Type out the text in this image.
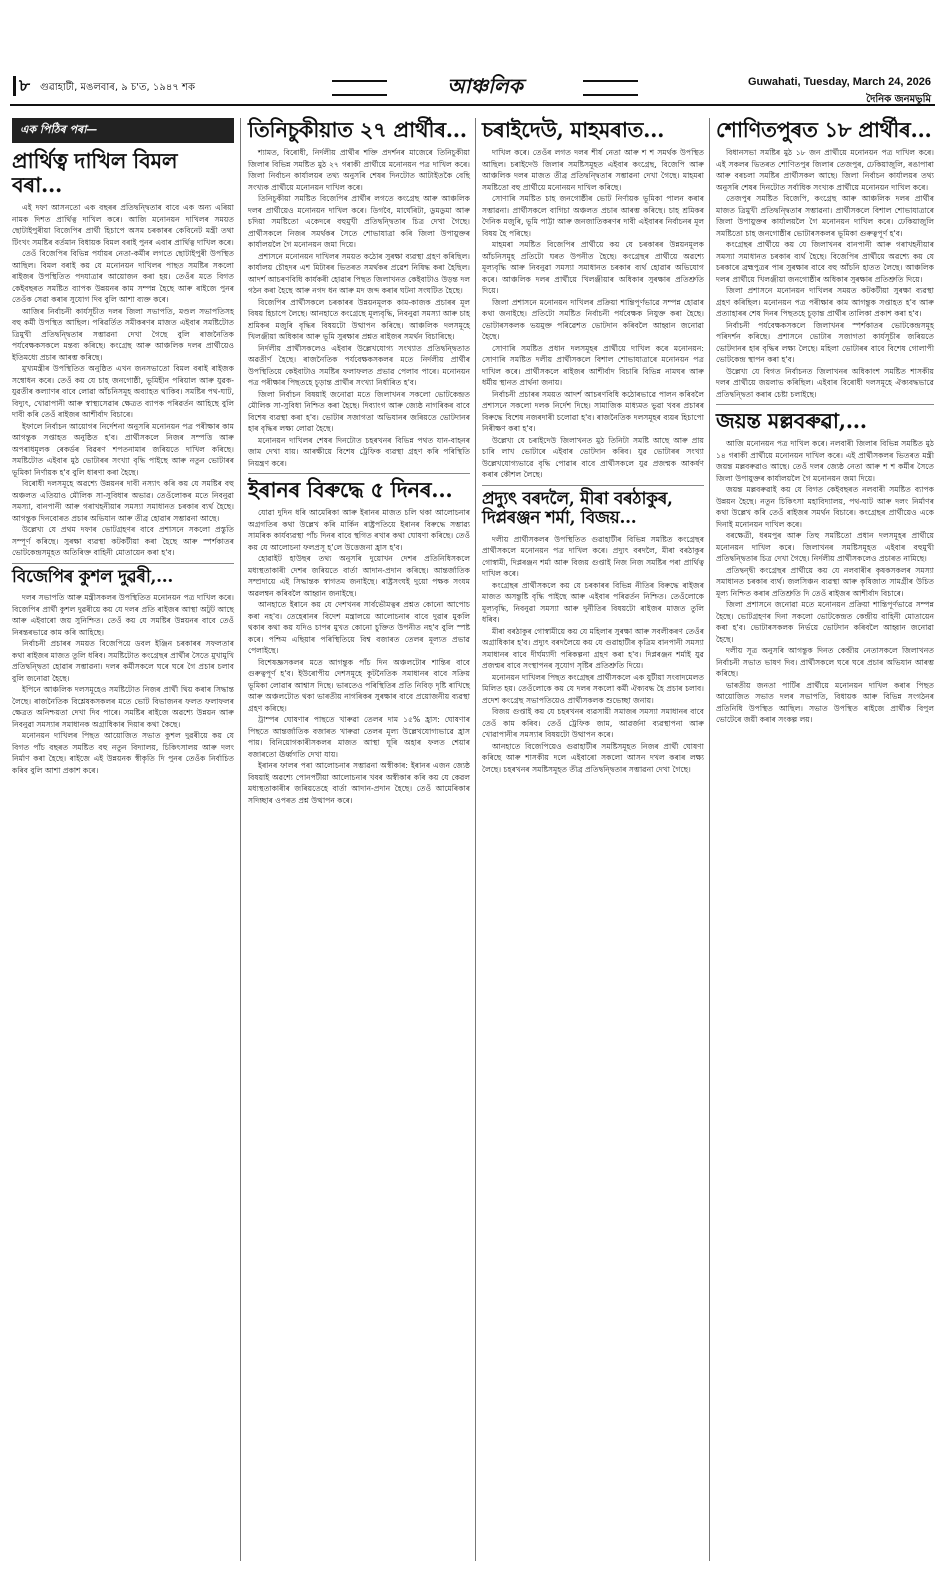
৮ গুৱাহাটী, মঙলবাৰ, ৯ চ'ত, ১৯৪৭ শক	আঞ্চলিক	Guwahati, Tuesday, March 24, 2026
দৈনিক জনমভূমি
এক পিঠিৰ পৰা—
প্ৰাৰ্থিত্ব দাখিল বিমল বৰা...

এই দফা আসনতো এক বছৰৰ প্ৰতিদ্বন্দ্বিতাৰ বাবে এক অন্য এৰিয়া নামক দিশত প্ৰাৰ্থিত্ব দাখিল কৰে। আজি মনোনয়ন দাখিলৰ সময়ত ছোটাইপুৰীয়া বিজেপিৰ প্ৰাৰ্থী হিচাপে অসম চৰকাৰৰ কেবিনেট মন্ত্ৰী তথা টিংখং সমষ্টিৰ বৰ্তমান বিধায়ক বিমল বৰাই পুনৰ এবাৰ প্ৰাৰ্থিত্ব দাখিল কৰে।

তেওঁ বিজেপিৰ বিভিন্ন পৰ্যায়ৰ নেতা-কৰ্মীৰ লগতে ছোটাইপুৰী উপস্থিত আছিল। বিমল বৰাই কয় যে মনোনয়ন দাখিলৰ পাছত সমষ্টিৰ সকলো ৰাইজৰ উপস্থিতিত পদযাত্ৰাৰ আয়োজন কৰা হয়। তেওঁৰ মতে বিগত কেইবছৰত সমষ্টিত ব্যাপক উন্নয়নৰ কাম সম্পন্ন হৈছে আৰু ৰাইজে পুনৰ তেওঁক সেৱা কৰাৰ সুযোগ দিব বুলি আশা ব্যক্ত কৰে।

আজিৰ নিৰ্বাচনী কাৰ্যসূচীত দলৰ জিলা সভাপতি, মণ্ডল সভাপতিসহ বহু কৰ্মী উপস্থিত আছিল। পৰিৱৰ্তিত সমীকৰণৰ মাজত এইবাৰ সমষ্টিটোত ত্ৰিমুখী প্ৰতিদ্বন্দ্বিতাৰ সম্ভাৱনা দেখা গৈছে বুলি ৰাজনৈতিক পৰ্যবেক্ষকসকলে মন্তব্য কৰিছে। কংগ্ৰেছ আৰু আঞ্চলিক দলৰ প্ৰাৰ্থীয়েও ইতিমধ্যে প্ৰচাৰ আৰম্ভ কৰিছে।

মুখ্যমন্ত্ৰীৰ উপস্থিতিত অনুষ্ঠিত এখন জনসভাতো বিমল বৰাই ৰাইজক সম্বোধন কৰে। তেওঁ কয় যে চাহ জনগোষ্ঠী, ভূমিহীন পৰিয়াল আৰু যুৱক-যুৱতীৰ কল্যাণৰ বাবে লোৱা আঁচনিসমূহ অব্যাহত থাকিব। সমষ্টিৰ পথ-ঘাট, বিদ্যুৎ, খোৱাপানী আৰু স্বাস্থ্যসেৱাৰ ক্ষেত্ৰত ব্যাপক পৰিৱৰ্তন আহিছে বুলি দাবী কৰি তেওঁ ৰাইজৰ আশীৰ্বাদ বিচাৰে।

ইফালে নিৰ্বাচন আয়োগৰ নিৰ্দেশনা অনুসৰি মনোনয়ন পত্ৰ পৰীক্ষাৰ কাম আগন্তুক সপ্তাহত অনুষ্ঠিত হ'ব। প্ৰাৰ্থীসকলে নিজৰ সম্পত্তি আৰু অপৰাধমূলক ৰেকৰ্ডৰ বিৱৰণ শপতনামাৰ জৰিয়তে দাখিল কৰিছে। সমষ্টিটোত এইবাৰ মুঠ ভোটাৰৰ সংখ্যা বৃদ্ধি পাইছে আৰু নতুন ভোটাৰৰ ভূমিকা নিৰ্ণায়ক হ'ব বুলি ধাৰণা কৰা হৈছে।

বিৰোধী দলসমূহে অৱশ্যে উন্নয়নৰ দাবী নস্যাৎ কৰি কয় যে সমষ্টিৰ বহু অঞ্চলত এতিয়াও মৌলিক সা-সুবিধাৰ অভাৱ। তেওঁলোকৰ মতে নিবনুৱা সমস্যা, বানপানী আৰু গৰাখহনীয়াৰ সমস্যা সমাধানত চৰকাৰ ব্যৰ্থ হৈছে। আগন্তুক দিনবোৰত প্ৰচাৰ অভিযান আৰু তীব্ৰ হোৱাৰ সম্ভাৱনা আছে।

উল্লেখ্য যে প্ৰথম দফাৰ ভোটগ্ৰহণৰ বাবে প্ৰশাসনে সকলো প্ৰস্তুতি সম্পূৰ্ণ কৰিছে। সুৰক্ষা ব্যৱস্থা কটকটীয়া কৰা হৈছে আৰু স্পৰ্শকাতৰ ভোটকেন্দ্ৰসমূহত অতিৰিক্ত বাহিনী মোতায়েন কৰা হ'ব।

বিজেপিৰ কুশল দুৱৰী,...

দলৰ সভাপতি আৰু মন্ত্ৰীসকলৰ উপস্থিতিত মনোনয়ন পত্ৰ দাখিল কৰে। বিজেপিৰ প্ৰাৰ্থী কুশল দুৱৰীয়ে কয় যে দলৰ প্ৰতি ৰাইজৰ আস্থা অটুট আছে আৰু এইবাৰো জয় সুনিশ্চিত। তেওঁ কয় যে সমষ্টিৰ উন্নয়নৰ বাবে তেওঁ নিৰন্তৰভাৱে কাম কৰি আহিছে।

নিৰ্বাচনী প্ৰচাৰৰ সময়ত বিজেপিয়ে ডবল ইঞ্জিন চৰকাৰৰ সফলতাৰ কথা ৰাইজৰ মাজত তুলি ধৰিব। সমষ্টিটোত কংগ্ৰেছৰ প্ৰাৰ্থীৰ সৈতে মুখামুখি প্ৰতিদ্বন্দ্বিতা হোৱাৰ সম্ভাৱনা। দলৰ কৰ্মীসকলে ঘৰে ঘৰে গৈ প্ৰচাৰ চলাব বুলি জনোৱা হৈছে।

ইপিনে আঞ্চলিক দলসমূহেও সমষ্টিটোত নিজৰ প্ৰাৰ্থী থিয় কৰাৰ সিদ্ধান্ত লৈছে। ৰাজনৈতিক বিশ্লেষকসকলৰ মতে ভোট বিভাজনৰ ফলত ফলাফলৰ ক্ষেত্ৰত অনিশ্চয়তা দেখা দিব পাৰে। সমষ্টিৰ ৰাইজে অৱশ্যে উন্নয়ন আৰু নিবনুৱা সমস্যাৰ সমাধানক অগ্ৰাধিকাৰ দিয়াৰ কথা কৈছে।

মনোনয়ন দাখিলৰ পিছত আয়োজিত সভাত কুশল দুৱৰীয়ে কয় যে বিগত পাঁচ বছৰত সমষ্টিত বহু নতুন বিদ্যালয়, চিকিৎসালয় আৰু দলং নিৰ্মাণ কৰা হৈছে। ৰাইজে এই উন্নয়নক স্বীকৃতি দি পুনৰ তেওঁক নিৰ্বাচিত কৰিব বুলি আশা প্ৰকাশ কৰে।

তিনিচুকীয়াত ২৭ প্ৰাৰ্থীৰ...

শ্যামত, বিৰোধী, নিৰ্দলীয় প্ৰাৰ্থীৰ শক্তি প্ৰদৰ্শনৰ মাজেৰে তিনিচুকীয়া জিলাৰ বিভিন্ন সমষ্টিত মুঠ ২৭ গৰাকী প্ৰাৰ্থীয়ে মনোনয়ন পত্ৰ দাখিল কৰে। জিলা নিৰ্বাচন কাৰ্যালয়ৰ তথ্য অনুসৰি শেষৰ দিনটোত আটাইতকৈ বেছি সংখ্যক প্ৰাৰ্থীয়ে মনোনয়ন দাখিল কৰে।

তিনিচুকীয়া সমষ্টিত বিজেপিৰ প্ৰাৰ্থীৰ লগতে কংগ্ৰেছ আৰু আঞ্চলিক দলৰ প্ৰাৰ্থীয়েও মনোনয়ন দাখিল কৰে। ডিগবৈ, মাৰ্ঘেৰিটা, ডুমডুমা আৰু চদিয়া সমষ্টিতো একেদৰে বহুমুখী প্ৰতিদ্বন্দ্বিতাৰ চিত্ৰ দেখা গৈছে। প্ৰাৰ্থীসকলে নিজৰ সমৰ্থকৰ সৈতে শোভাযাত্ৰা কৰি জিলা উপায়ুক্তৰ কাৰ্যালয়লৈ গৈ মনোনয়ন জমা দিয়ে।

প্ৰশাসনে মনোনয়ন দাখিলৰ সময়ত কঠোৰ সুৰক্ষা ব্যৱস্থা গ্ৰহণ কৰিছিল। কাৰ্যালয় চৌহদৰ এশ মিটাৰৰ ভিতৰত সমৰ্থকৰ প্ৰৱেশ নিষিদ্ধ কৰা হৈছিল। আদৰ্শ আচৰণবিধি কাৰ্যকৰী হোৱাৰ পিছত জিলাখনত কেইবাটাও উড়ন্ত দল গঠন কৰা হৈছে আৰু নগদ ধন আৰু মদ জব্দ কৰাৰ ঘটনা সংঘটিত হৈছে।

বিজেপিৰ প্ৰাৰ্থীসকলে চৰকাৰৰ উন্নয়নমূলক কাম-কাজক প্ৰচাৰৰ মূল বিষয় হিচাপে লৈছে। আনহাতে কংগ্ৰেছে মূল্যবৃদ্ধি, নিবনুৱা সমস্যা আৰু চাহ শ্ৰমিকৰ মজুৰি বৃদ্ধিৰ বিষয়টো উত্থাপন কৰিছে। আঞ্চলিক দলসমূহে খিলঞ্জীয়া অধিকাৰ আৰু ভূমি সুৰক্ষাৰ প্ৰশ্নত ৰাইজৰ সমৰ্থন বিচাৰিছে।

নিৰ্দলীয় প্ৰাৰ্থীসকলেও এইবাৰ উল্লেখযোগ্য সংখ্যাত প্ৰতিদ্বন্দ্বিতাত অৱতীৰ্ণ হৈছে। ৰাজনৈতিক পৰ্যবেক্ষকসকলৰ মতে নিৰ্দলীয় প্ৰাৰ্থীৰ উপস্থিতিয়ে কেইবাটাও সমষ্টিৰ ফলাফলত প্ৰভাৱ পেলাব পাৰে। মনোনয়ন পত্ৰ পৰীক্ষাৰ পিছতহে চূড়ান্ত প্ৰাৰ্থীৰ সংখ্যা নিৰ্ধাৰিত হ'ব।

জিলা নিৰ্বাচন বিষয়াই জনোৱা মতে জিলাখনৰ সকলো ভোটকেন্দ্ৰত মৌলিক সা-সুবিধা নিশ্চিত কৰা হৈছে। দিব্যাংগ আৰু জ্যেষ্ঠ নাগৰিকৰ বাবে বিশেষ ব্যৱস্থা কৰা হ'ব। ভোটাৰ সজাগতা অভিযানৰ জৰিয়তে ভোটদানৰ হাৰ বৃদ্ধিৰ লক্ষ্য লোৱা হৈছে।

মনোনয়ন দাখিলৰ শেষৰ দিনটোত চহৰখনৰ বিভিন্ন পথত যান-বাহনৰ জাম দেখা যায়। আৰক্ষীয়ে বিশেষ ট্ৰেফিক ব্যৱস্থা গ্ৰহণ কৰি পৰিস্থিতি নিয়ন্ত্ৰণ কৰে।

ইৰানৰ বিৰুদ্ধে ৫ দিনৰ...

যোৱা দুদিন ধৰি আমেৰিকা আৰু ইৰানৰ মাজত চলি থকা আলোচনাৰ অগ্ৰগতিৰ কথা উল্লেখ কৰি মাৰ্কিন ৰাষ্ট্ৰপতিয়ে ইৰানৰ বিৰুদ্ধে সম্ভাৱ্য সামৰিক কাৰ্যব্যৱস্থা পাঁচ দিনৰ বাবে স্থগিত ৰখাৰ কথা ঘোষণা কৰিছে। তেওঁ কয় যে আলোচনা ফলপ্ৰসূ হ'লে উত্তেজনা হ্ৰাস হ'ব।

হোৱাইট হাউছৰ তথ্য অনুসৰি দুয়োখন দেশৰ প্ৰতিনিধিসকলে মধ্যস্থতাকাৰী দেশৰ জৰিয়তে বাৰ্তা আদান-প্ৰদান কৰিছে। আন্তৰ্জাতিক সম্প্ৰদায়ে এই সিদ্ধান্তক স্বাগতম জনাইছে। ৰাষ্ট্ৰসংঘই দুয়ো পক্ষক সংযম অৱলম্বন কৰিবলৈ আহ্বান জনাইছে।

আনহাতে ইৰানে কয় যে দেশখনৰ সাৰ্বভৌমত্বৰ প্ৰশ্নত কোনো আপোচ কৰা নহ'ব। তেহেৰানৰ বিদেশ মন্ত্ৰালয়ে আলোচনাৰ বাবে দুৱাৰ মুকলি থকাৰ কথা কয় যদিও চাপৰ মুখত কোনো চুক্তিত উপনীত নহ'ব বুলি স্পষ্ট কৰে। পশ্চিম এছিয়াৰ পৰিস্থিতিয়ে বিশ্ব বজাৰত তেলৰ মূল্যত প্ৰভাৱ পেলাইছে।

বিশেষজ্ঞসকলৰ মতে আগন্তুক পাঁচ দিন অঞ্চলটোৰ শান্তিৰ বাবে গুৰুত্বপূৰ্ণ হ'ব। ইউৰোপীয় দেশসমূহে কূটনৈতিক সমাধানৰ বাবে সক্ৰিয় ভূমিকা লোৱাৰ আশ্বাস দিছে। ভাৰতেও পৰিস্থিতিৰ প্ৰতি নিবিড় দৃষ্টি ৰাখিছে আৰু অঞ্চলটোত থকা ভাৰতীয় নাগৰিকৰ সুৰক্ষাৰ বাবে প্ৰয়োজনীয় ব্যৱস্থা গ্ৰহণ কৰিছে।

ট্ৰাম্পৰ ঘোষণাৰ পাছতে খাৰুৱা তেলৰ দাম ১৫% হ্ৰাস: ঘোষণাৰ পিছতে আন্তৰ্জাতিক বজাৰত খাৰুৱা তেলৰ মূল্য উল্লেখযোগ্যভাৱে হ্ৰাস পায়। বিনিয়োগকাৰীসকলৰ মাজত আস্থা ঘূৰি অহাৰ ফলত শেয়াৰ বজাৰতো ঊৰ্ধ্বগতি দেখা যায়।

ইৰানৰ ফালৰ পৰা আলোচনাৰ সম্ভাৱনা অস্বীকাৰ: ইৰানৰ এজন জ্যেষ্ঠ বিষয়াই অৱশ্যে পোনপটীয়া আলোচনাৰ খবৰ অস্বীকাৰ কৰি কয় যে কেৱল মধ্যস্থতাকাৰীৰ জৰিয়তেহে বাৰ্তা আদান-প্ৰদান হৈছে। তেওঁ আমেৰিকাৰ সদিচ্ছাৰ ওপৰত প্ৰশ্ন উত্থাপন কৰে।

চৰাইদেউ, মাহমৰাত...

দাখিল কৰে। তেওঁৰ লগত দলৰ শীৰ্ষ নেতা আৰু শ শ সমৰ্থক উপস্থিত আছিল। চৰাইদেউ জিলাৰ সমষ্টিসমূহত এইবাৰ কংগ্ৰেছ, বিজেপি আৰু আঞ্চলিক দলৰ মাজত তীব্ৰ প্ৰতিদ্বন্দ্বিতাৰ সম্ভাৱনা দেখা গৈছে। মাহমৰা সমষ্টিতো বহু প্ৰাৰ্থীয়ে মনোনয়ন দাখিল কৰিছে।

সোণাৰি সমষ্টিত চাহ জনগোষ্ঠীৰ ভোট নিৰ্ণায়ক ভূমিকা পালন কৰাৰ সম্ভাৱনা। প্ৰাৰ্থীসকলে বাগিচা অঞ্চলত প্ৰচাৰ আৰম্ভ কৰিছে। চাহ শ্ৰমিকৰ দৈনিক মজুৰি, ভূমি পাট্টা আৰু জনজাতিকৰণৰ দাবী এইবাৰৰ নিৰ্বাচনৰ মূল বিষয় হৈ পৰিছে।

মাহমৰা সমষ্টিত বিজেপিৰ প্ৰাৰ্থীয়ে কয় যে চৰকাৰৰ উন্নয়নমূলক আঁচনিসমূহ প্ৰতিটো ঘৰত উপনীত হৈছে। কংগ্ৰেছৰ প্ৰাৰ্থীয়ে অৱশ্যে মূল্যবৃদ্ধি আৰু নিবনুৱা সমস্যা সমাধানত চৰকাৰ ব্যৰ্থ হোৱাৰ অভিযোগ কৰে। আঞ্চলিক দলৰ প্ৰাৰ্থীয়ে খিলঞ্জীয়াৰ অধিকাৰ সুৰক্ষাৰ প্ৰতিশ্ৰুতি দিয়ে।

জিলা প্ৰশাসনে মনোনয়ন দাখিলৰ প্ৰক্ৰিয়া শান্তিপূৰ্ণভাৱে সম্পন্ন হোৱাৰ কথা জনাইছে। প্ৰতিটো সমষ্টিত নিৰ্বাচনী পৰ্যবেক্ষক নিযুক্ত কৰা হৈছে। ভোটাৰসকলক ভয়মুক্ত পৰিৱেশত ভোটদান কৰিবলৈ আহ্বান জনোৱা হৈছে।

সোণাৰি সমষ্টিত প্ৰধান দলসমূহৰ প্ৰাৰ্থীয়ে দাখিল কৰে মনোনয়ন: সোণাৰি সমষ্টিত দলীয় প্ৰাৰ্থীসকলে বিশাল শোভাযাত্ৰাৰে মনোনয়ন পত্ৰ দাখিল কৰে। প্ৰাৰ্থীসকলে ৰাইজৰ আশীৰ্বাদ বিচাৰি বিভিন্ন নামঘৰ আৰু ধৰ্মীয় স্থানত প্ৰাৰ্থনা জনায়।

নিৰ্বাচনী প্ৰচাৰৰ সময়ত আদৰ্শ আচৰণবিধি কঠোৰভাৱে পালন কৰিবলৈ প্ৰশাসনে সকলো দলক নিৰ্দেশ দিছে। সামাজিক মাধ্যমত ভুৱা খবৰ প্ৰচাৰৰ বিৰুদ্ধে বিশেষ নজৰদাৰী চলোৱা হ'ব। ৰাজনৈতিক দলসমূহৰ ব্যয়ৰ হিচাপো নিৰীক্ষণ কৰা হ'ব।

উল্লেখ্য যে চৰাইদেউ জিলাখনত মুঠ তিনিটা সমষ্টি আছে আৰু প্ৰায় চাৰি লাখ ভোটাৰে এইবাৰ ভোটদান কৰিব। যুৱ ভোটাৰৰ সংখ্যা উল্লেখযোগ্যভাৱে বৃদ্ধি পোৱাৰ বাবে প্ৰাৰ্থীসকলে যুৱ প্ৰজন্মক আকৰ্ষণ কৰাৰ কৌশল লৈছে।

প্ৰদ্যুৎ বৰদলৈ, মীৰা বৰঠাকুৰ, দিপ্লৰঞ্জন শৰ্মা, বিজয়...

দলীয় প্ৰাৰ্থীসকলৰ উপস্থিতিত গুৱাহাটীৰ বিভিন্ন সমষ্টিত কংগ্ৰেছৰ প্ৰাৰ্থীসকলে মনোনয়ন পত্ৰ দাখিল কৰে। প্ৰদ্যুৎ বৰদলৈ, মীৰা বৰঠাকুৰ গোস্বামী, দিপ্লৰঞ্জন শৰ্মা আৰু বিজয় গুপ্তাই নিজ নিজ সমষ্টিৰ পৰা প্ৰাৰ্থিত্ব দাখিল কৰে।

কংগ্ৰেছৰ প্ৰাৰ্থীসকলে কয় যে চৰকাৰৰ বিভিন্ন নীতিৰ বিৰুদ্ধে ৰাইজৰ মাজত অসন্তুষ্টি বৃদ্ধি পাইছে আৰু এইবাৰ পৰিৱৰ্তন নিশ্চিত। তেওঁলোকে মূল্যবৃদ্ধি, নিবনুৱা সমস্যা আৰু দুৰ্নীতিৰ বিষয়টো ৰাইজৰ মাজত তুলি ধৰিব।

মীৰা বৰঠাকুৰ গোস্বামীয়ে কয় যে মহিলাৰ সুৰক্ষা আৰু সবলীকৰণ তেওঁৰ অগ্ৰাধিকাৰ হ'ব। প্ৰদ্যুৎ বৰদলৈয়ে কয় যে গুৱাহাটীৰ কৃত্ৰিম বানপানী সমস্যা সমাধানৰ বাবে দীৰ্ঘম্যাদী পৰিকল্পনা গ্ৰহণ কৰা হ'ব। দিপ্লৰঞ্জন শৰ্মাই যুৱ প্ৰজন্মৰ বাবে সংস্থাপনৰ সুযোগ সৃষ্টিৰ প্ৰতিশ্ৰুতি দিয়ে।

মনোনয়ন দাখিলৰ পিছত কংগ্ৰেছৰ প্ৰাৰ্থীসকলে এক যুটীয়া সংবাদমেলত মিলিত হয়। তেওঁলোকে কয় যে দলৰ সকলো কৰ্মী ঐক্যবদ্ধ হৈ প্ৰচাৰ চলাব। প্ৰদেশ কংগ্ৰেছ সভাপতিয়েও প্ৰাৰ্থীসকলক শুভেচ্ছা জনায়।

বিজয় গুপ্তাই কয় যে চহৰখনৰ ব্যৱসায়ী সমাজৰ সমস্যা সমাধানৰ বাবে তেওঁ কাম কৰিব। তেওঁ ট্ৰেফিক জাম, আৱৰ্জনা ব্যৱস্থাপনা আৰু খোৱাপানীৰ সমস্যাৰ বিষয়টো উত্থাপন কৰে।

আনহাতে বিজেপিয়েও গুৱাহাটীৰ সমষ্টিসমূহত নিজৰ প্ৰাৰ্থী ঘোষণা কৰিছে আৰু শাসকীয় দলে এইবাৰো সকলো আসন দখল কৰাৰ লক্ষ্য লৈছে। চহৰখনৰ সমষ্টিসমূহত তীব্ৰ প্ৰতিদ্বন্দ্বিতাৰ সম্ভাৱনা দেখা গৈছে।

শোণিতপুৰত ১৮ প্ৰাৰ্থীৰ...

বিধানসভা সমষ্টিৰ মুঠ ১৮ জন প্ৰাৰ্থীয়ে মনোনয়ন পত্ৰ দাখিল কৰে। এই সকলৰ ভিতৰত শোণিতপুৰ জিলাৰ তেজপুৰ, ঢেকিয়াজুলি, ৰঙাপাৰা আৰু বৰচলা সমষ্টিৰ প্ৰাৰ্থীসকল আছে। জিলা নিৰ্বাচন কাৰ্যালয়ৰ তথ্য অনুসৰি শেষৰ দিনটোত সৰ্বাধিক সংখ্যক প্ৰাৰ্থীয়ে মনোনয়ন দাখিল কৰে।

তেজপুৰ সমষ্টিত বিজেপি, কংগ্ৰেছ আৰু আঞ্চলিক দলৰ প্ৰাৰ্থীৰ মাজত ত্ৰিমুখী প্ৰতিদ্বন্দ্বিতাৰ সম্ভাৱনা। প্ৰাৰ্থীসকলে বিশাল শোভাযাত্ৰাৰে জিলা উপায়ুক্তৰ কাৰ্যালয়লৈ গৈ মনোনয়ন দাখিল কৰে। ঢেকিয়াজুলি সমষ্টিতো চাহ জনগোষ্ঠীৰ ভোটাৰসকলৰ ভূমিকা গুৰুত্বপূৰ্ণ হ'ব।

কংগ্ৰেছৰ প্ৰাৰ্থীয়ে কয় যে জিলাখনৰ বানপানী আৰু গৰাখহনীয়াৰ সমস্যা সমাধানত চৰকাৰ ব্যৰ্থ হৈছে। বিজেপিৰ প্ৰাৰ্থীয়ে অৱশ্যে কয় যে চৰকাৰে ব্ৰহ্মপুত্ৰৰ পাৰ সুৰক্ষাৰ বাবে বহু আঁচনি হাতত লৈছে। আঞ্চলিক দলৰ প্ৰাৰ্থীয়ে খিলঞ্জীয়া জনগোষ্ঠীৰ অধিকাৰ সুৰক্ষাৰ প্ৰতিশ্ৰুতি দিয়ে।

জিলা প্ৰশাসনে মনোনয়ন দাখিলৰ সময়ত কটকটীয়া সুৰক্ষা ব্যৱস্থা গ্ৰহণ কৰিছিল। মনোনয়ন পত্ৰ পৰীক্ষাৰ কাম আগন্তুক সপ্তাহত হ'ব আৰু প্ৰত্যাহাৰৰ শেষ দিনৰ পিছতহে চূড়ান্ত প্ৰাৰ্থীৰ তালিকা প্ৰকাশ কৰা হ'ব।

নিৰ্বাচনী পৰ্যবেক্ষকসকলে জিলাখনৰ স্পৰ্শকাতৰ ভোটকেন্দ্ৰসমূহ পৰিদৰ্শন কৰিছে। প্ৰশাসনে ভোটাৰ সজাগতা কাৰ্যসূচীৰ জৰিয়তে ভোটদানৰ হাৰ বৃদ্ধিৰ লক্ষ্য লৈছে। মহিলা ভোটাৰৰ বাবে বিশেষ গোলাপী ভোটকেন্দ্ৰ স্থাপন কৰা হ'ব।

উল্লেখ্য যে বিগত নিৰ্বাচনত জিলাখনৰ অধিকাংশ সমষ্টিত শাসকীয় দলৰ প্ৰাৰ্থীয়ে জয়লাভ কৰিছিল। এইবাৰ বিৰোধী দলসমূহে ঐক্যবদ্ধভাৱে প্ৰতিদ্বন্দ্বিতা কৰাৰ চেষ্টা চলাইছে।

জয়ন্ত মল্লবৰুৱা,...

আজি মনোনয়ন পত্ৰ দাখিল কৰে। নলবাৰী জিলাৰ বিভিন্ন সমষ্টিত মুঠ ১৪ গৰাকী প্ৰাৰ্থীয়ে মনোনয়ন দাখিল কৰে। এই প্ৰাৰ্থীসকলৰ ভিতৰত মন্ত্ৰী জয়ন্ত মল্লবৰুৱাও আছে। তেওঁ দলৰ জ্যেষ্ঠ নেতা আৰু শ শ কৰ্মীৰ সৈতে জিলা উপায়ুক্তৰ কাৰ্যালয়লৈ গৈ মনোনয়ন জমা দিয়ে।

জয়ন্ত মল্লবৰুৱাই কয় যে বিগত কেইবছৰত নলবাৰী সমষ্টিত ব্যাপক উন্নয়ন হৈছে। নতুন চিকিৎসা মহাবিদ্যালয়, পথ-ঘাট আৰু দলং নিৰ্মাণৰ কথা উল্লেখ কৰি তেওঁ ৰাইজৰ সমৰ্থন বিচাৰে। কংগ্ৰেছৰ প্ৰাৰ্থীয়েও একে দিনাই মনোনয়ন দাখিল কৰে।

বৰক্ষেত্ৰী, ধৰমপুৰ আৰু তিহু সমষ্টিতো প্ৰধান দলসমূহৰ প্ৰাৰ্থীয়ে মনোনয়ন দাখিল কৰে। জিলাখনৰ সমষ্টিসমূহত এইবাৰ বহুমুখী প্ৰতিদ্বন্দ্বিতাৰ চিত্ৰ দেখা গৈছে। নিৰ্দলীয় প্ৰাৰ্থীসকলেও প্ৰচাৰত নামিছে।

প্ৰতিদ্বন্দ্বী কংগ্ৰেছৰ প্ৰাৰ্থীয়ে কয় যে নলবাৰীৰ কৃষকসকলৰ সমস্যা সমাধানত চৰকাৰ ব্যৰ্থ। জলসিঞ্চন ব্যৱস্থা আৰু কৃষিজাত সামগ্ৰীৰ উচিত মূল্য নিশ্চিত কৰাৰ প্ৰতিশ্ৰুতি দি তেওঁ ৰাইজৰ আশীৰ্বাদ বিচাৰে।

জিলা প্ৰশাসনে জনোৱা মতে মনোনয়ন প্ৰক্ৰিয়া শান্তিপূৰ্ণভাৱে সম্পন্ন হৈছে। ভোটগ্ৰহণৰ দিনা সকলো ভোটকেন্দ্ৰত কেন্দ্ৰীয় বাহিনী মোতায়েন কৰা হ'ব। ভোটাৰসকলক নিৰ্ভয়ে ভোটদান কৰিবলৈ আহ্বান জনোৱা হৈছে।

দলীয় সূত্ৰ অনুসৰি আগন্তুক দিনত কেন্দ্ৰীয় নেতাসকলে জিলাখনত নিৰ্বাচনী সভাত ভাষণ দিব। প্ৰাৰ্থীসকলে ঘৰে ঘৰে প্ৰচাৰ অভিযান আৰম্ভ কৰিছে।

ভাৰতীয় জনতা পাৰ্টিৰ প্ৰাৰ্থীয়ে মনোনয়ন দাখিল কৰাৰ পিছত আয়োজিত সভাত দলৰ সভাপতি, বিধায়ক আৰু বিভিন্ন সংগঠনৰ প্ৰতিনিধি উপস্থিত আছিল। সভাত উপস্থিত ৰাইজে প্ৰাৰ্থীক বিপুল ভোটেৰে জয়ী কৰাৰ সংকল্প লয়।
